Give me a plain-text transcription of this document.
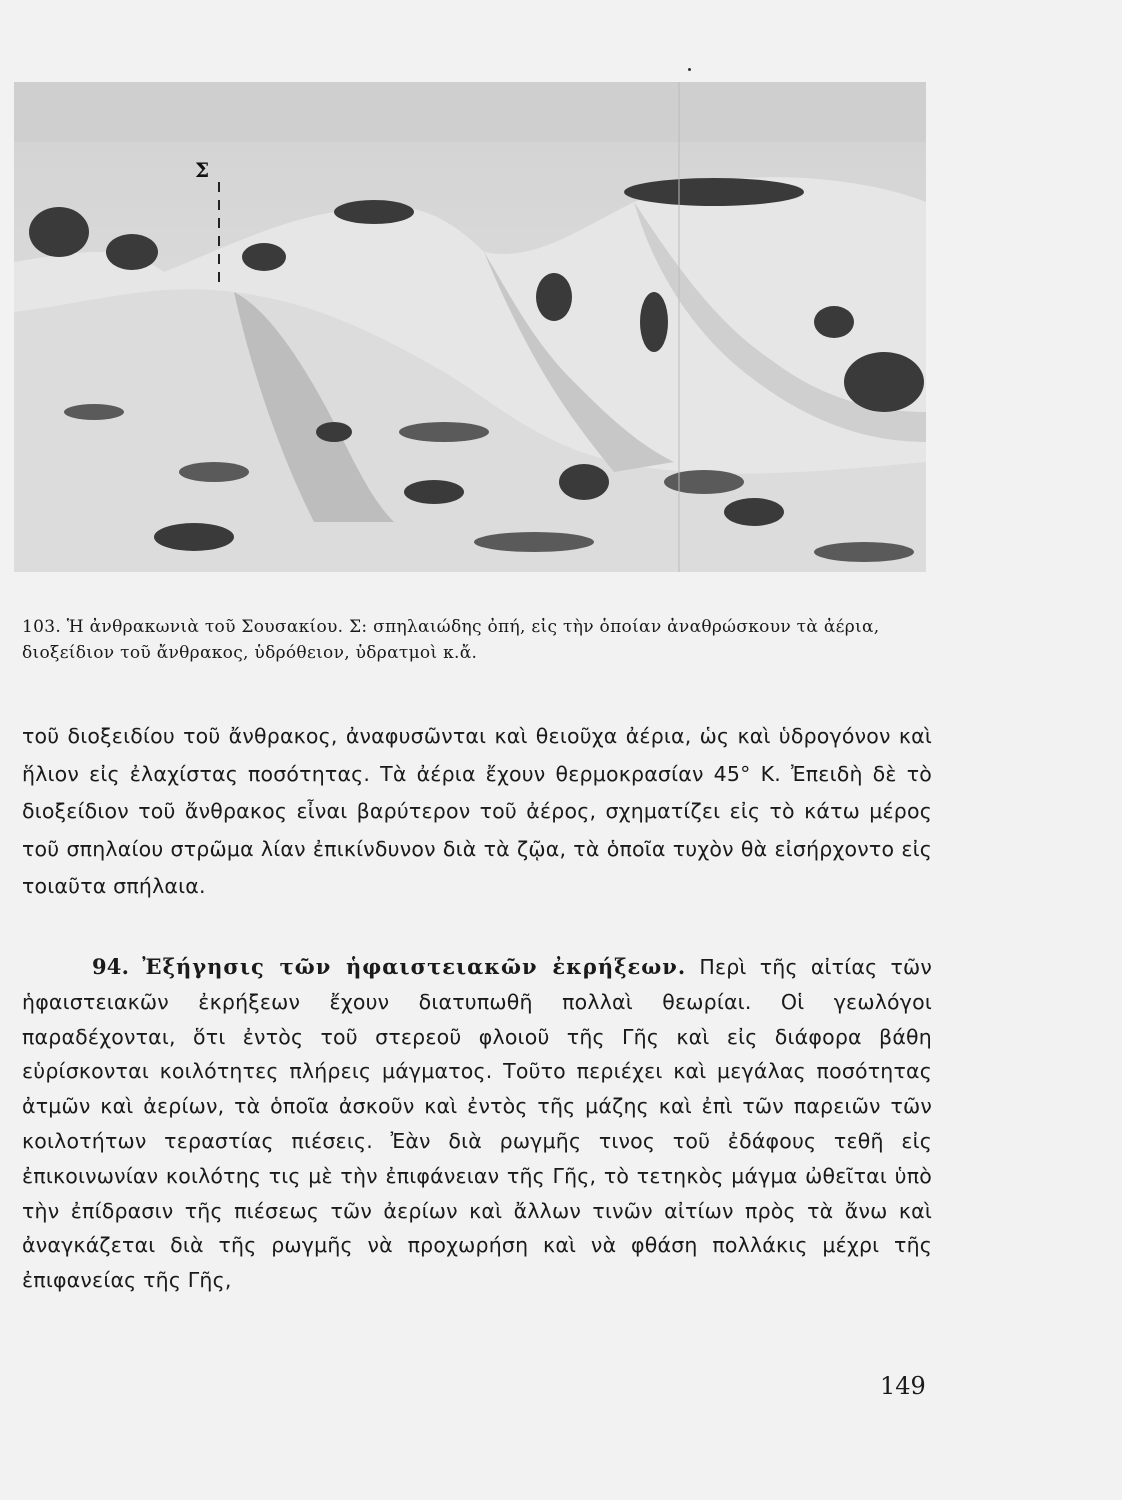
Σ
103. Ἡ ἀνθρακωνιὰ τοῦ Σουσακίου. Σ: σπηλαιώδης ὀπή, εἰς τὴν ὁποίαν ἀναθρώσκουν τὰ ἀέρια, διοξείδιον τοῦ ἄνθρακος, ὑδρόθειον, ὑδρατμοὶ κ.ἄ.

τοῦ διοξειδίου τοῦ ἄνθρακος, ἀναφυσῶνται καὶ θειοῦχα ἀέρια, ὡς καὶ ὑδρογόνον καὶ ἥλιον εἰς ἐλαχίστας ποσότητας. Τὰ ἀέρια ἔχουν θερμοκρασίαν 45° Κ. Ἐπειδὴ δὲ τὸ διοξείδιον τοῦ ἄνθρακος εἶναι βαρύτερον τοῦ ἀέρος, σχηματίζει εἰς τὸ κάτω μέρος τοῦ σπηλαίου στρῶμα λίαν ἐπικίνδυνον διὰ τὰ ζῷα, τὰ ὁποῖα τυχὸν θὰ εἰσήρχοντο εἰς τοιαῦτα σπήλαια.

94. Ἐξήγησις τῶν ἡφαιστειακῶν ἐκρήξεων. Περὶ τῆς αἰτίας τῶν ἡφαιστειακῶν ἐκρήξεων ἔχουν διατυπωθῆ πολλαὶ θεωρίαι. Οἱ γεωλόγοι παραδέχονται, ὅτι ἐντὸς τοῦ στερεοῦ φλοιοῦ τῆς Γῆς καὶ εἰς διάφορα βάθη εὑρίσκονται κοιλότητες πλήρεις μάγματος. Τοῦτο περιέχει καὶ μεγάλας ποσότητας ἀτμῶν καὶ ἀερίων, τὰ ὁποῖα ἀσκοῦν καὶ ἐντὸς τῆς μάζης καὶ ἐπὶ τῶν παρειῶν τῶν κοιλοτήτων τεραστίας πιέσεις. Ἐὰν διὰ ρωγμῆς τινος τοῦ ἐδάφους τεθῆ εἰς ἐπικοινωνίαν κοιλότης τις μὲ τὴν ἐπιφάνειαν τῆς Γῆς, τὸ τετηκὸς μάγμα ὠθεῖται ὑπὸ τὴν ἐπίδρασιν τῆς πιέσεως τῶν ἀερίων καὶ ἄλλων τινῶν αἰτίων πρὸς τὰ ἄνω καὶ ἀναγκάζεται διὰ τῆς ρωγμῆς νὰ προχωρήση καὶ νὰ φθάση πολλάκις μέχρι τῆς ἐπιφανείας τῆς Γῆς,
149
